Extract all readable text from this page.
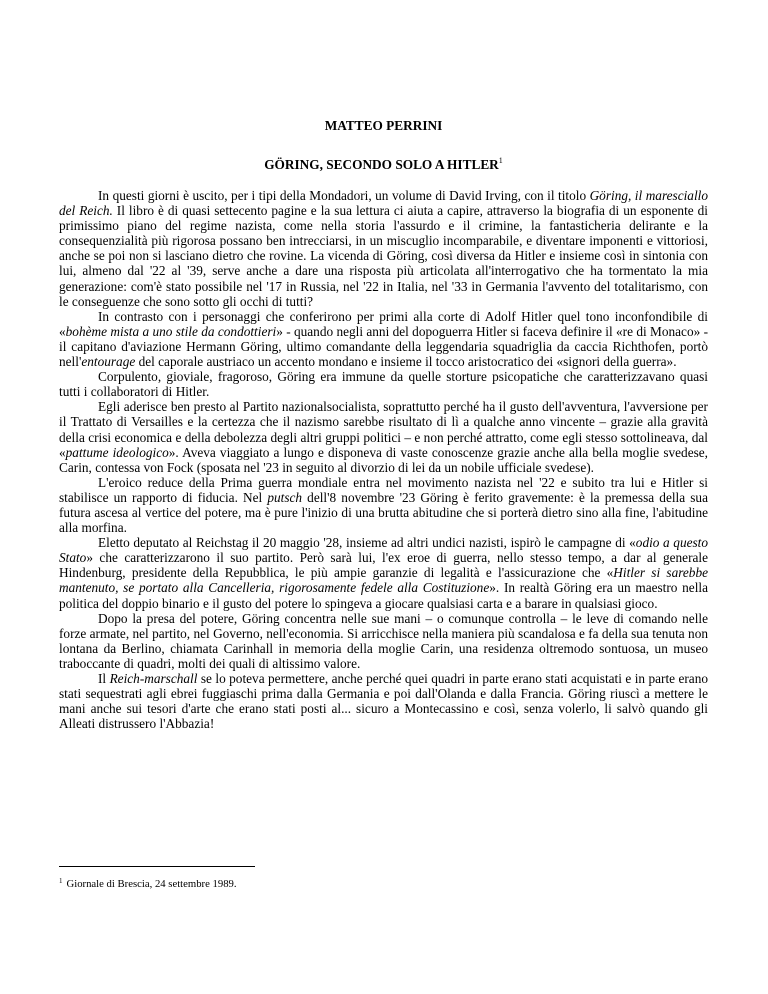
MATTEO PERRINI

GÖRING, SECONDO SOLO A HITLER$^1$

In questi giorni è uscito, per i tipi della Mondadori, un volume di David Irving, con il titolo Göring, il maresciallo del Reich. Il libro è di quasi settecento pagine e la sua lettura ci aiuta a capire, attraverso la biografia di un esponente di primissimo piano del regime nazista, come nella storia l'assurdo e il crimine, la fantasticheria delirante e la consequenzialità più rigorosa possano ben intrecciarsi, in un miscuglio incomparabile, e diventare imponenti e vittoriosi, anche se poi non si lasciano dietro che rovine. La vicenda di Göring, così diversa da Hitler e insieme così in sintonia con lui, almeno dal '22 al '39, serve anche a dare una risposta più articolata all'interrogativo che ha tormentato la mia generazione: com'è stato possibile nel '17 in Russia, nel '22 in Italia, nel '33 in Germania l'avvento del totalitarismo, con le conseguenze che sono sotto gli occhi di tutti?

In contrasto con i personaggi che conferirono per primi alla corte di Adolf Hitler quel tono inconfondibile di «bohème mista a uno stile da condottieri» - quando negli anni del dopoguerra Hitler si faceva definire il «re di Monaco» - il capitano d'aviazione Hermann Göring, ultimo comandante della leggendaria squadriglia da caccia Richthofen, portò nell'entourage del caporale austriaco un accento mondano e insieme il tocco aristocratico dei «signori della guerra».

Corpulento, gioviale, fragoroso, Göring era immune da quelle storture psicopatiche che caratterizzavano quasi tutti i collaboratori di Hitler.

Egli aderisce ben presto al Partito nazionalsocialista, soprattutto perché ha il gusto dell'avventura, l'avversione per il Trattato di Versailles e la certezza che il nazismo sarebbe risultato di lì a qualche anno vincente – grazie alla gravità della crisi economica e della debolezza degli altri gruppi politici – e non perché attratto, come egli stesso sottolineava, dal «pattume ideologico». Aveva viaggiato a lungo e disponeva di vaste conoscenze grazie anche alla bella moglie svedese, Carin, contessa von Fock (sposata nel '23 in seguito al divorzio di lei da un nobile ufficiale svedese).

L'eroico reduce della Prima guerra mondiale entra nel movimento nazista nel '22 e subito tra lui e Hitler si stabilisce un rapporto di fiducia. Nel putsch dell'8 novembre '23 Göring è ferito gravemente: è la premessa della sua futura ascesa al vertice del potere, ma è pure l'inizio di una brutta abitudine che si porterà dietro sino alla fine, l'abitudine alla morfina.

Eletto deputato al Reichstag il 20 maggio '28, insieme ad altri undici nazisti, ispirò le campagne di «odio a questo Stato» che caratterizzarono il suo partito. Però sarà lui, l'ex eroe di guerra, nello stesso tempo, a dar al generale Hindenburg, presidente della Repubblica, le più ampie garanzie di legalità e l'assicurazione che «Hitler si sarebbe mantenuto, se portato alla Cancelleria, rigorosamente fedele alla Costituzione». In realtà Göring era un maestro nella politica del doppio binario e il gusto del potere lo spingeva a giocare qualsiasi carta e a barare in qualsiasi gioco.

Dopo la presa del potere, Göring concentra nelle sue mani – o comunque controlla – le leve di comando nelle forze armate, nel partito, nel Governo, nell'economia. Si arricchisce nella maniera più scandalosa e fa della sua tenuta non lontana da Berlino, chiamata Carinhall in memoria della moglie Carin, una residenza oltremodo sontuosa, un museo traboccante di quadri, molti dei quali di altissimo valore.

Il Reich-marschall se lo poteva permettere, anche perché quei quadri in parte erano stati acquistati e in parte erano stati sequestrati agli ebrei fuggiaschi prima dalla Germania e poi dall'Olanda e dalla Francia. Göring riuscì a mettere le mani anche sui tesori d'arte che erano stati posti al... sicuro a Montecassino e così, senza volerlo, li salvò quando gli Alleati distrussero l'Abbazia!

$^1$ Giornale di Brescia, 24 settembre 1989.
